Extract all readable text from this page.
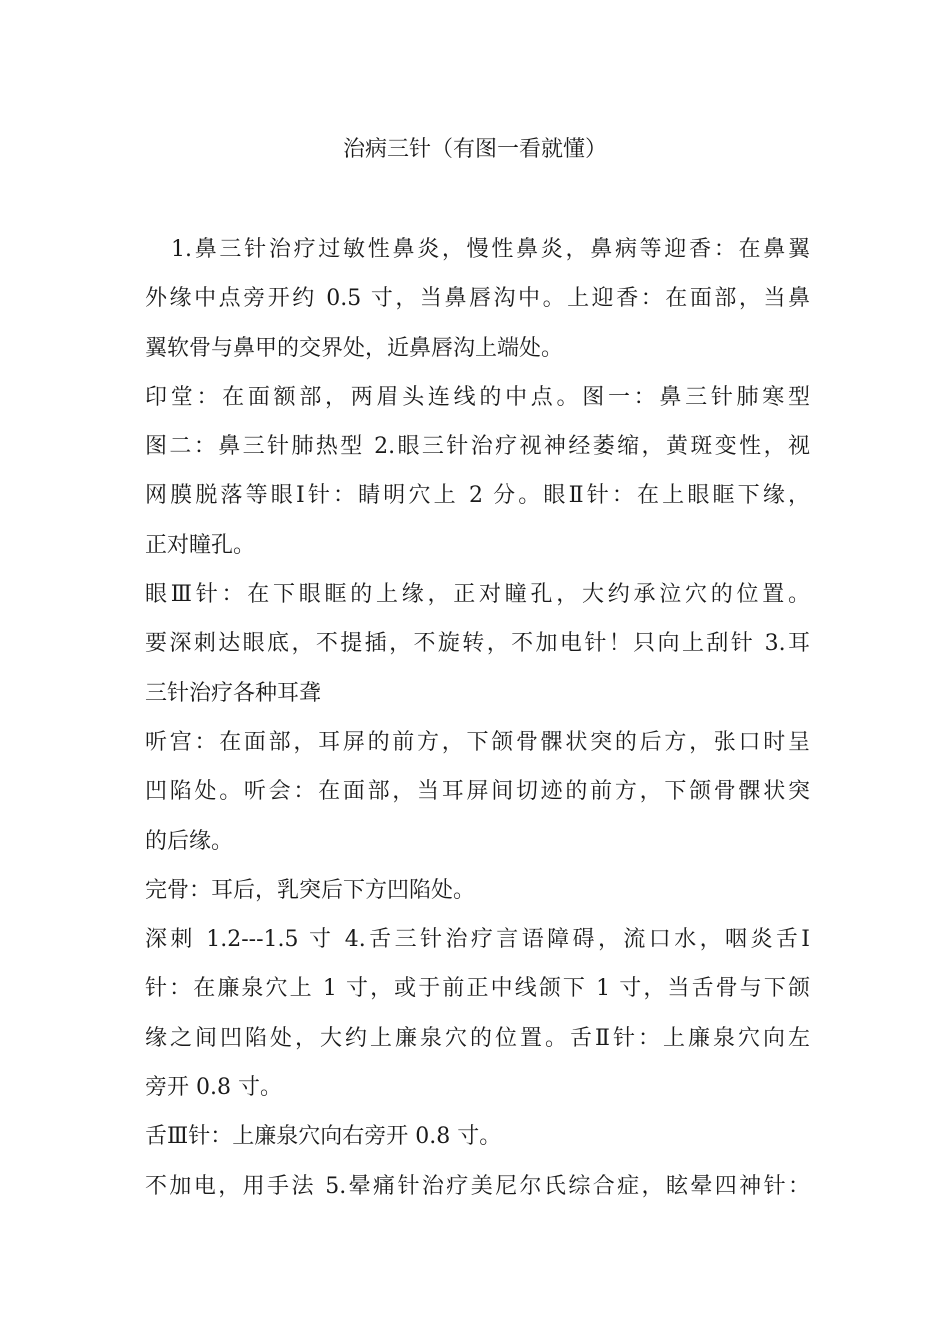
治病三针（有图一看就懂）
1.鼻三针治疗过敏性鼻炎，慢性鼻炎，鼻病等迎香：在鼻翼
外缘中点旁开约 0.5 寸，当鼻唇沟中。上迎香：在面部，当鼻
翼软骨与鼻甲的交界处，近鼻唇沟上端处。
印堂：在面额部，两眉头连线的中点。图一：鼻三针肺寒型
图二：鼻三针肺热型 2.眼三针治疗视神经萎缩，黄斑变性，视
网膜脱落等眼Ⅰ针：睛明穴上 2 分。眼Ⅱ针：在上眼眶下缘，
正对瞳孔。
眼Ⅲ针：在下眼眶的上缘，正对瞳孔，大约承泣穴的位置。
要深刺达眼底，不提插，不旋转，不加电针！只向上刮针 3.耳
三针治疗各种耳聋
听宫：在面部，耳屏的前方，下颌骨髁状突的后方，张口时呈
凹陷处。听会：在面部，当耳屏间切迹的前方，下颌骨髁状突
的后缘。
完骨：耳后，乳突后下方凹陷处。
深刺 1.2---1.5 寸 4.舌三针治疗言语障碍，流口水，咽炎舌Ⅰ
针：在廉泉穴上 1 寸，或于前正中线颌下 1 寸，当舌骨与下颌
缘之间凹陷处，大约上廉泉穴的位置。舌Ⅱ针：上廉泉穴向左
旁开 0.8 寸。
舌Ⅲ针：上廉泉穴向右旁开 0.8 寸。
不加电，用手法 5.晕痛针治疗美尼尔氏综合症，眩晕四神针：
